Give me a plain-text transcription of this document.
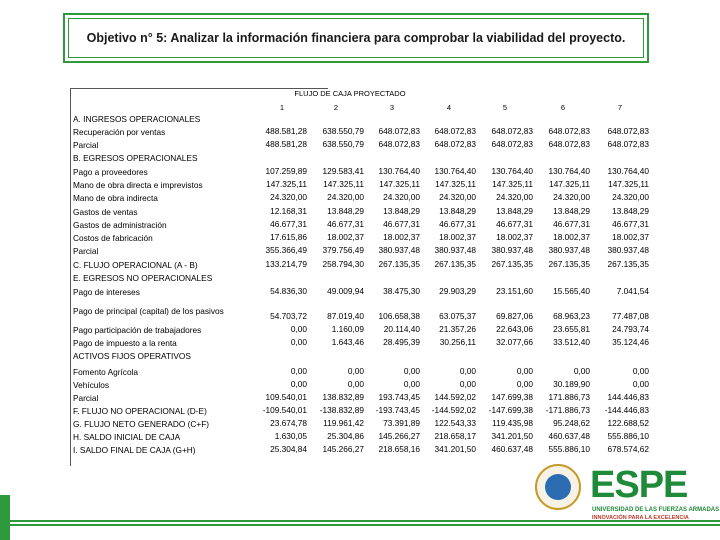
Objetivo n° 5: Analizar la información financiera para comprobar la viabilidad del proyecto.
FLUJO DE CAJA PROYECTADO
1	2	3	4	5	6	7
A. INGRESOS OPERACIONALES
Recuperación por ventas	488.581,28	638.550,79	648.072,83	648.072,83	648.072,83	648.072,83	648.072,83
Parcial	488.581,28	638.550,79	648.072,83	648.072,83	648.072,83	648.072,83	648.072,83
B. EGRESOS OPERACIONALES
Pago a proveedores	107.259,89	129.583,41	130.764,40	130.764,40	130.764,40	130.764,40	130.764,40
Mano de obra directa e imprevistos	147.325,11	147.325,11	147.325,11	147.325,11	147.325,11	147.325,11	147.325,11
Mano de obra indirecta	24.320,00	24.320,00	24.320,00	24.320,00	24.320,00	24.320,00	24.320,00
Gastos de ventas	12.168,31	13.848,29	13.848,29	13.848,29	13.848,29	13.848,29	13.848,29
Gastos de administración	46.677,31	46.677,31	46.677,31	46.677,31	46.677,31	46.677,31	46.677,31
Costos de fabricación	17.615,86	18.002,37	18.002,37	18.002,37	18.002,37	18.002,37	18.002,37
Parcial	355.366,49	379.756,49	380.937,48	380.937,48	380.937,48	380.937,48	380.937,48
C. FLUJO OPERACIONAL (A - B)	133.214,79	258.794,30	267.135,35	267.135,35	267.135,35	267.135,35	267.135,35
E. EGRESOS NO OPERACIONALES
Pago de intereses	54.836,30	49.009,94	38.475,30	29.903,29	23.151,60	15.565,40	7.041,54
Pago de principal (capital) de los pasivos	54.703,72	87.019,40	106.658,38	63.075,37	69.827,06	68.963,23	77.487,08
Pago participación de trabajadores	0,00	1.160,09	20.114,40	21.357,26	22.643,06	23.655,81	24.793,74
Pago de impuesto a la renta	0,00	1.643,46	28.495,39	30.256,11	32.077,66	33.512,40	35.124,46
ACTIVOS FIJOS OPERATIVOS
Fomento Agrícola	0,00	0,00	0,00	0,00	0,00	0,00	0,00
Vehículos	0,00	0,00	0,00	0,00	0,00	30.189,90	0,00
Parcial	109.540,01	138.832,89	193.743,45	144.592,02	147.699,38	171.886,73	144.446,83
F. FLUJO NO OPERACIONAL (D-E)	-109.540,01	-138.832,89	-193.743,45	-144.592,02	-147.699,38	-171.886,73	-144.446,83
G. FLUJO NETO GENERADO (C+F)	23.674,78	119.961,42	73.391,89	122.543,33	119.435,98	95.248,62	122.688,52
H. SALDO INICIAL DE CAJA	1.630,05	25.304,86	145.266,27	218.658,17	341.201,50	460.637,48	555.886,10
I. SALDO FINAL DE CAJA (G+H)	25.304,84	145.266,27	218.658,16	341.201,50	460.637,48	555.886,10	678.574,62
ESPE
UNIVERSIDAD DE LAS FUERZAS ARMADAS
INNOVACIÓN PARA LA EXCELENCIA
